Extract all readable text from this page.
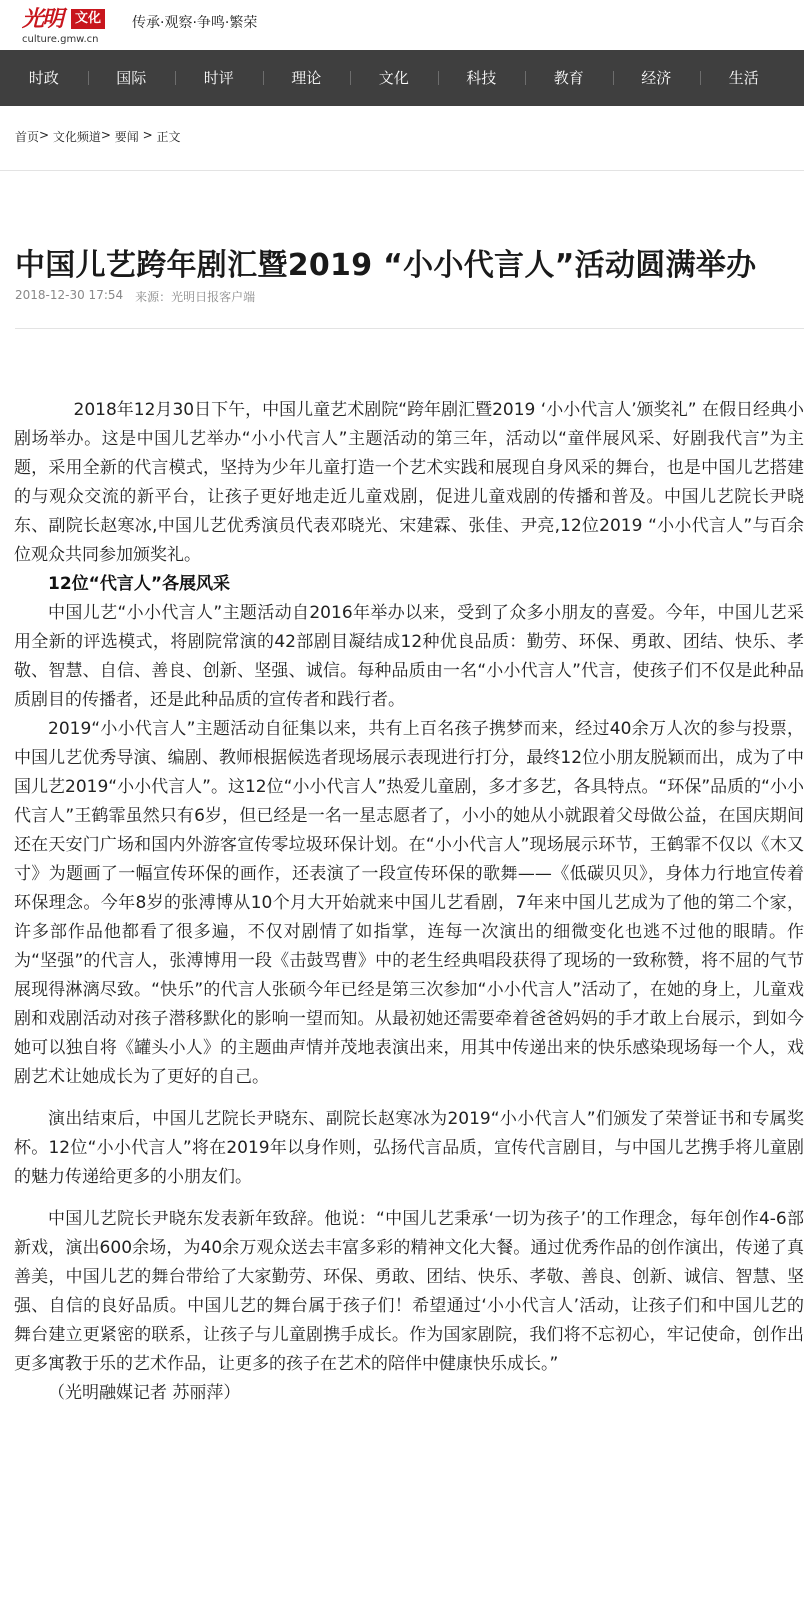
光明 文化
culture.gmw.cn
传承·观察·争鸣·繁荣
时政	国际	时评	理论	文化	科技	教育	经济	生活
首页 > 文化频道 > 要闻 > 正文
中国儿艺跨年剧汇暨2019 “小小代言人”活动圆满举办
2018-12-30 17:54 来源：光明日报客户端

2018年12月30日下午，中国儿童艺术剧院“跨年剧汇暨2019 ‘小小代言人’颁奖礼” 在假日经典小剧场举办。这是中国儿艺举办“小小代言人”主题活动的第三年，活动以“童伴展风采、好剧我代言”为主题，采用全新的代言模式，坚持为少年儿童打造一个艺术实践和展现自身风采的舞台，也是中国儿艺搭建的与观众交流的新平台，让孩子更好地走近儿童戏剧，促进儿童戏剧的传播和普及。中国儿艺院长尹晓东、副院长赵寒冰,中国儿艺优秀演员代表邓晓光、宋建霖、张佳、尹亮,12位2019 “小小代言人”与百余位观众共同参加颁奖礼。

12位“代言人”各展风采

中国儿艺“小小代言人”主题活动自2016年举办以来，受到了众多小朋友的喜爱。今年，中国儿艺采用全新的评选模式，将剧院常演的42部剧目凝结成12种优良品质：勤劳、环保、勇敢、团结、快乐、孝敬、智慧、自信、善良、创新、坚强、诚信。每种品质由一名“小小代言人”代言，使孩子们不仅是此种品质剧目的传播者，还是此种品质的宣传者和践行者。

2019“小小代言人”主题活动自征集以来，共有上百名孩子携梦而来，经过40余万人次的参与投票，中国儿艺优秀导演、编剧、教师根据候选者现场展示表现进行打分，最终12位小朋友脱颖而出，成为了中国儿艺2019“小小代言人”。这12位“小小代言人”热爱儿童剧，多才多艺，各具特点。“环保”品质的“小小代言人”王鹤霏虽然只有6岁，但已经是一名一星志愿者了，小小的她从小就跟着父母做公益，在国庆期间还在天安门广场和国内外游客宣传零垃圾环保计划。在“小小代言人”现场展示环节，王鹤霏不仅以《木又寸》为题画了一幅宣传环保的画作，还表演了一段宣传环保的歌舞——《低碳贝贝》，身体力行地宣传着环保理念。今年8岁的张溥博从10个月大开始就来中国儿艺看剧，7年来中国儿艺成为了他的第二个家，许多部作品他都看了很多遍，不仅对剧情了如指掌，连每一次演出的细微变化也逃不过他的眼睛。作为“坚强”的代言人，张溥博用一段《击鼓骂曹》中的老生经典唱段获得了现场的一致称赞，将不屈的气节展现得淋漓尽致。“快乐”的代言人张硕今年已经是第三次参加“小小代言人”活动了，在她的身上，儿童戏剧和戏剧活动对孩子潜移默化的影响一望而知。从最初她还需要牵着爸爸妈妈的手才敢上台展示，到如今她可以独自将《罐头小人》的主题曲声情并茂地表演出来，用其中传递出来的快乐感染现场每一个人，戏剧艺术让她成长为了更好的自己。

演出结束后，中国儿艺院长尹晓东、副院长赵寒冰为2019“小小代言人”们颁发了荣誉证书和专属奖杯。12位“小小代言人”将在2019年以身作则，弘扬代言品质，宣传代言剧目，与中国儿艺携手将儿童剧的魅力传递给更多的小朋友们。

中国儿艺院长尹晓东发表新年致辞。他说：“中国儿艺秉承‘一切为孩子’的工作理念，每年创作4-6部新戏，演出600余场，为40余万观众送去丰富多彩的精神文化大餐。通过优秀作品的创作演出，传递了真善美，中国儿艺的舞台带给了大家勤劳、环保、勇敢、团结、快乐、孝敬、善良、创新、诚信、智慧、坚强、自信的良好品质。中国儿艺的舞台属于孩子们！希望通过‘小小代言人’活动，让孩子们和中国儿艺的舞台建立更紧密的联系，让孩子与儿童剧携手成长。作为国家剧院，我们将不忘初心，牢记使命，创作出更多寓教于乐的艺术作品，让更多的孩子在艺术的陪伴中健康快乐成长。”

（光明融媒记者 苏丽萍）
